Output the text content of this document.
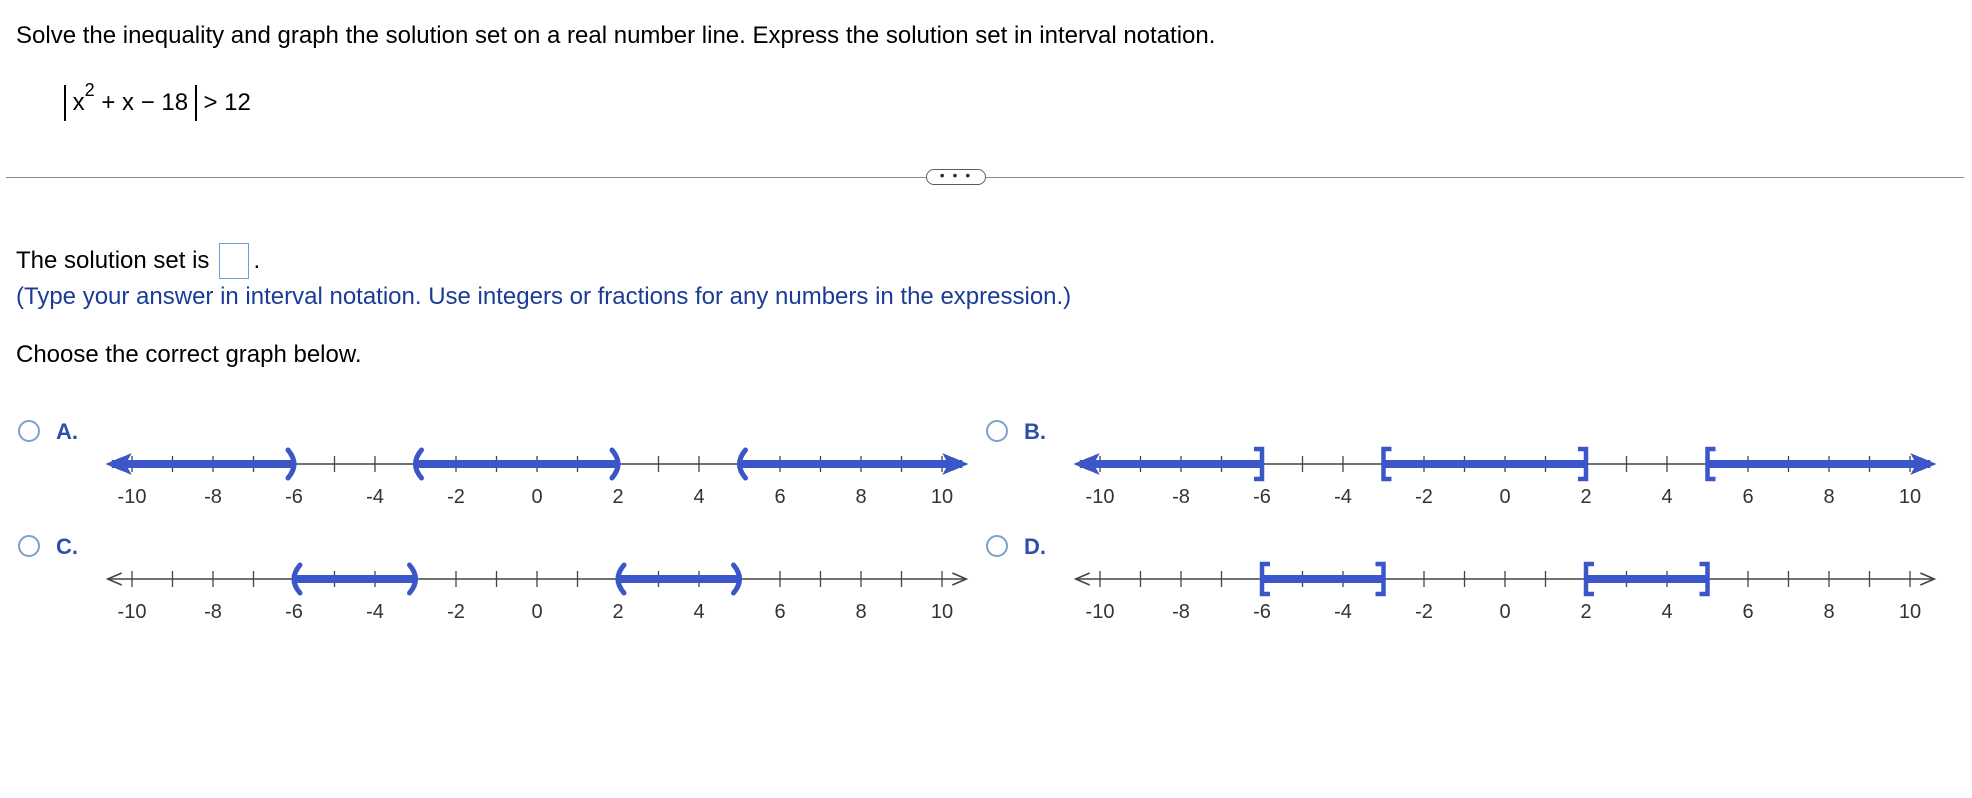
Solve the inequality and graph the solution set on a real number line. Express the solution set in interval notation.
$x^2 + x - 18 > 12$
• • •
The solution set is .
(Type your answer in interval notation. Use integers or fractions for any numbers in the expression.)
Choose the correct graph below.
A.
-10	-8	-6	-4	-2	0	2	4	6	8	10
B.
-10	-8	-6	-4	-2	0	2	4	6	8	10
C.
-10	-8	-6	-4	-2	0	2	4	6	8	10
D.
-10	-8	-6	-4	-2	0	2	4	6	8	10
